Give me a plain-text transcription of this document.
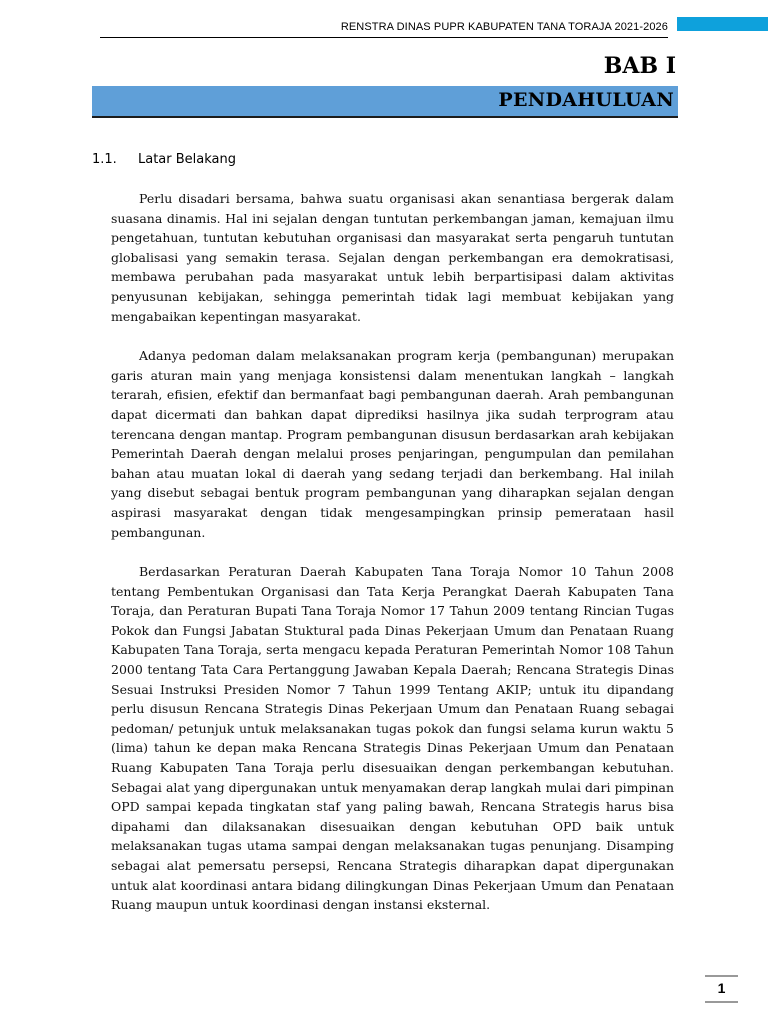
RENSTRA DINAS PUPR KABUPATEN TANA TORAJA 2021-2026
BAB I
PENDAHULUAN
1.1. Latar Belakang

Perlu disadari bersama, bahwa suatu organisasi akan senantiasa bergerak dalam suasana dinamis. Hal ini sejalan dengan tuntutan perkembangan jaman, kemajuan ilmu pengetahuan, tuntutan kebutuhan organisasi dan masyarakat serta pengaruh tuntutan globalisasi yang semakin terasa. Sejalan dengan perkembangan era demokratisasi, membawa perubahan pada masyarakat untuk lebih berpartisipasi dalam aktivitas penyusunan kebijakan, sehingga pemerintah tidak lagi membuat kebijakan yang mengabaikan kepentingan masyarakat.

Adanya pedoman dalam melaksanakan program kerja (pembangunan) merupakan garis aturan main yang menjaga konsistensi dalam menentukan langkah – langkah terarah, efisien, efektif dan bermanfaat bagi pembangunan daerah. Arah pembangunan dapat dicermati dan bahkan dapat diprediksi hasilnya jika sudah terprogram atau terencana dengan mantap. Program pembangunan disusun berdasarkan arah kebijakan Pemerintah Daerah dengan melalui proses penjaringan, pengumpulan dan pemilahan bahan atau muatan lokal di daerah yang sedang terjadi dan berkembang. Hal inilah yang disebut sebagai bentuk program pembangunan yang diharapkan sejalan dengan aspirasi masyarakat dengan tidak mengesampingkan prinsip pemerataan hasil pembangunan.

Berdasarkan Peraturan Daerah Kabupaten Tana Toraja Nomor 10 Tahun 2008 tentang Pembentukan Organisasi dan Tata Kerja Perangkat Daerah Kabupaten Tana Toraja, dan Peraturan Bupati Tana Toraja Nomor 17 Tahun 2009 tentang Rincian Tugas Pokok dan Fungsi Jabatan Stuktural pada Dinas Pekerjaan Umum dan Penataan Ruang Kabupaten Tana Toraja, serta mengacu kepada Peraturan Pemerintah Nomor 108 Tahun 2000 tentang Tata Cara Pertanggung Jawaban Kepala Daerah; Rencana Strategis Dinas Sesuai Instruksi Presiden Nomor 7 Tahun 1999 Tentang AKIP; untuk itu dipandang perlu disusun Rencana Strategis Dinas Pekerjaan Umum dan Penataan Ruang sebagai pedoman/ petunjuk untuk melaksanakan tugas pokok dan fungsi selama kurun waktu 5 (lima) tahun ke depan maka Rencana Strategis Dinas Pekerjaan Umum dan Penataan Ruang Kabupaten Tana Toraja perlu disesuaikan dengan perkembangan kebutuhan. Sebagai alat yang dipergunakan untuk menyamakan derap langkah mulai dari pimpinan OPD sampai kepada tingkatan staf yang paling bawah, Rencana Strategis harus bisa dipahami dan dilaksanakan disesuaikan dengan kebutuhan OPD baik untuk melaksanakan tugas utama sampai dengan melaksanakan tugas penunjang. Disamping sebagai alat pemersatu persepsi, Rencana Strategis diharapkan dapat dipergunakan untuk alat koordinasi antara bidang dilingkungan Dinas Pekerjaan Umum dan Penataan Ruang maupun untuk koordinasi dengan instansi eksternal.

1
